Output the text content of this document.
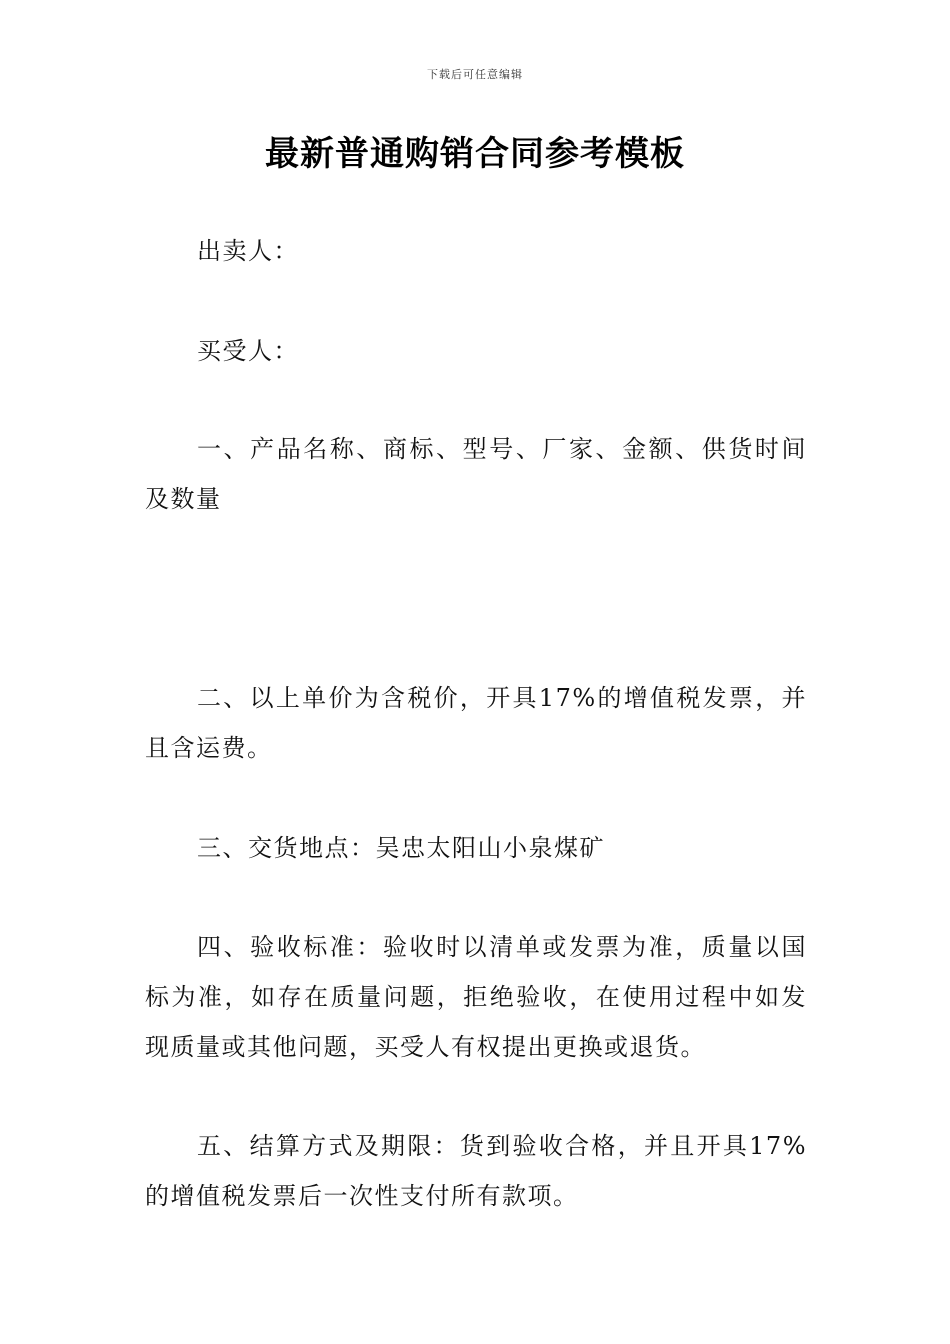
下载后可任意编辑
最新普通购销合同参考模板

出卖人：

买受人：

一、产品名称、商标、型号、厂家、金额、供货时间及数量

二、以上单价为含税价，开具17%的增值税发票，并且含运费。

三、交货地点：吴忠太阳山小泉煤矿

四、验收标准：验收时以清单或发票为准，质量以国标为准，如存在质量问题，拒绝验收，在使用过程中如发现质量或其他问题，买受人有权提出更换或退货。

五、结算方式及期限：货到验收合格，并且开具17%的增值税发票后一次性支付所有款项。
